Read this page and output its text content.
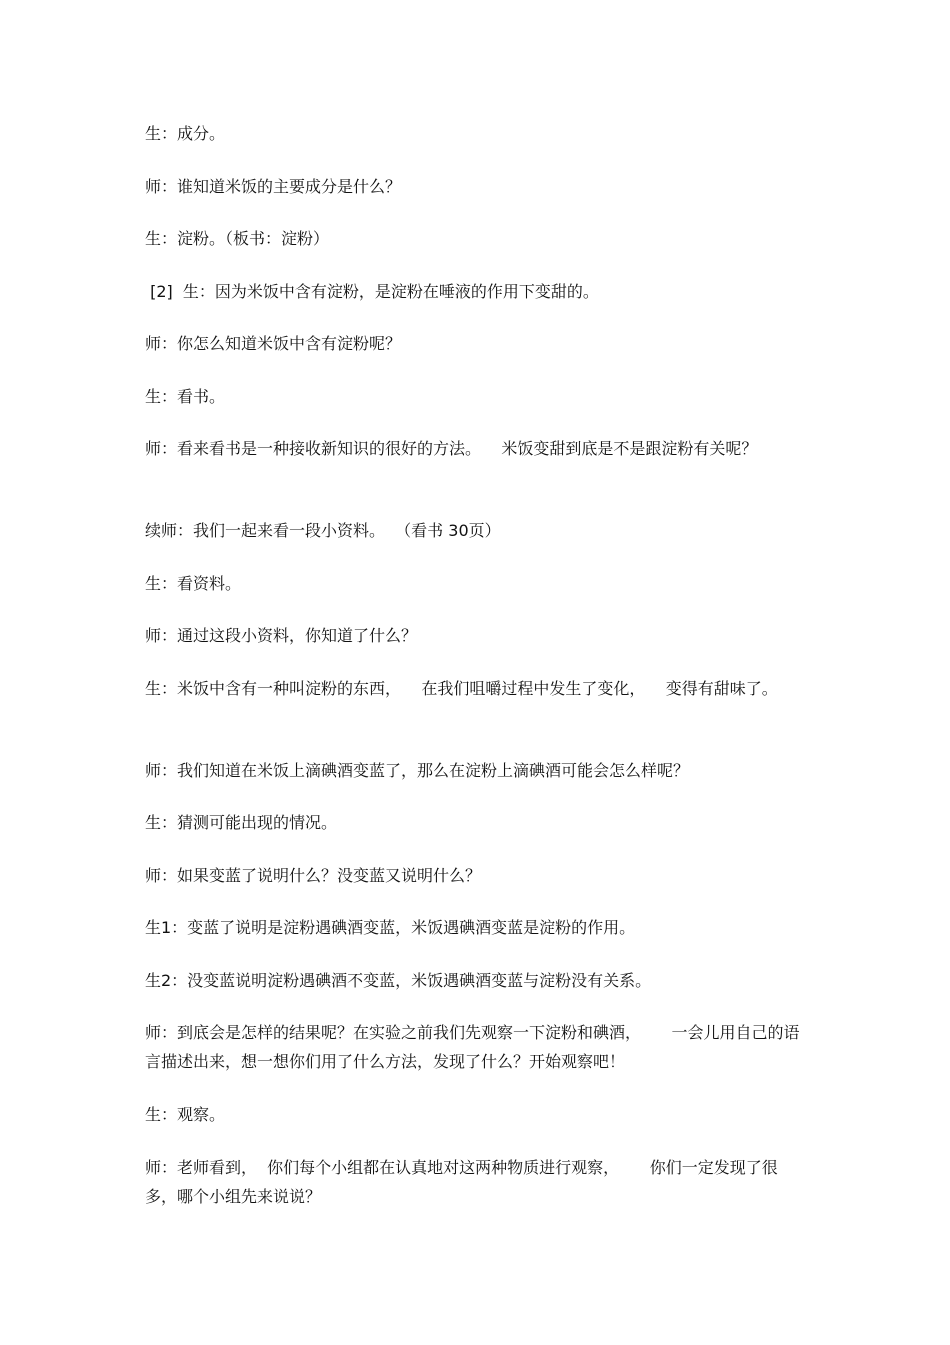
生：成分。

师：谁知道米饭的主要成分是什么？

生：淀粉。（板书：淀粉）

[2]  生：因为米饭中含有淀粉，是淀粉在唾液的作用下变甜的。

师：你怎么知道米饭中含有淀粉呢？

生：看书。

师：看来看书是一种接收新知识的很好的方法。    米饭变甜到底是不是跟淀粉有关呢？

续师：我们一起来看一段小资料。  （看书 30页）

生：看资料。

师：通过这段小资料，你知道了什么？

生：米饭中含有一种叫淀粉的东西，    在我们咀嚼过程中发生了变化，    变得有甜味了。

师：我们知道在米饭上滴碘酒变蓝了，那么在淀粉上滴碘酒可能会怎么样呢？

生：猜测可能出现的情况。

师：如果变蓝了说明什么？没变蓝又说明什么？

生1：变蓝了说明是淀粉遇碘酒变蓝，米饭遇碘酒变蓝是淀粉的作用。

生2：没变蓝说明淀粉遇碘酒不变蓝，米饭遇碘酒变蓝与淀粉没有关系。

师：到底会是怎样的结果呢？在实验之前我们先观察一下淀粉和碘酒，      一会儿用自己的语言描述出来，想一想你们用了什么方法，发现了什么？开始观察吧！

生：观察。

师：老师看到，  你们每个小组都在认真地对这两种物质进行观察，      你们一定发现了很多，哪个小组先来说说？
